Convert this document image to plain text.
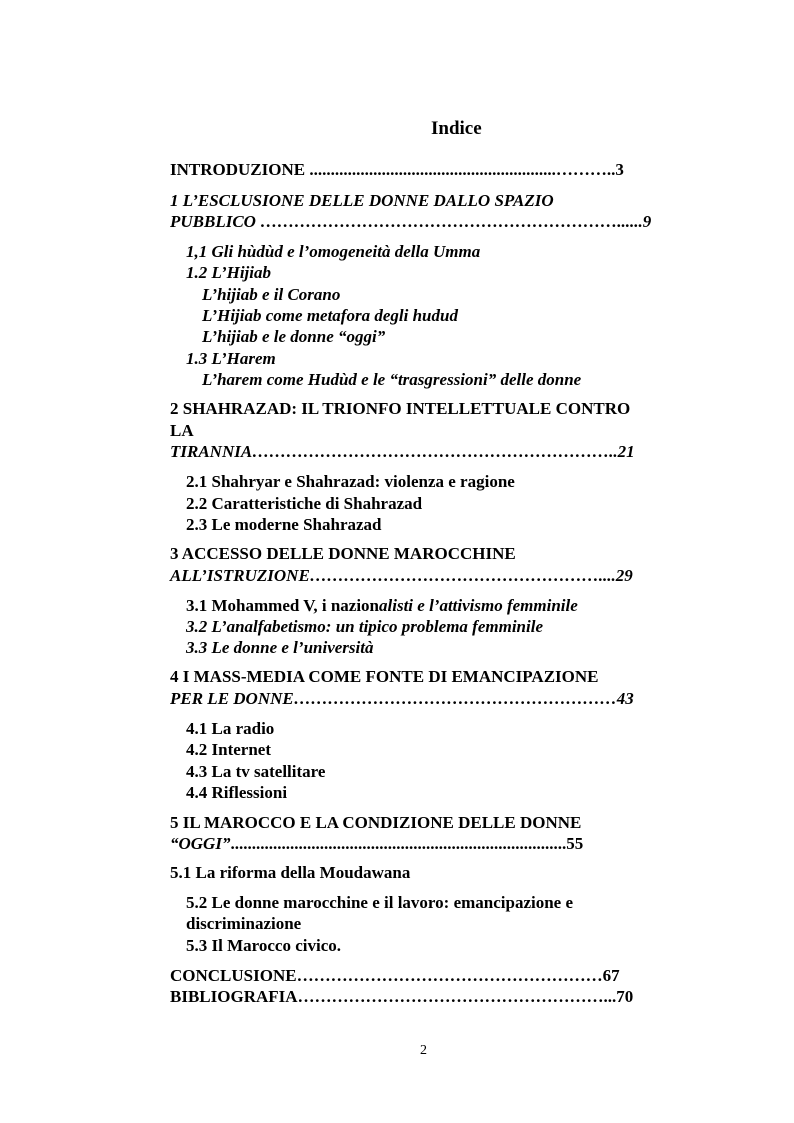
Indice
INTRODUZIONE ..........................................................………..3
1 L’ESCLUSIONE DELLE DONNE DALLO SPAZIO
PUBBLICO ………………………………………………………......9
1,1 Gli hùdùd e l’omogeneità della Umma
1.2 L’Hijiab
L’hijiab e il Corano
L’Hijiab come metafora degli hudud
L’hijiab e le donne “oggi”
1.3 L’Harem
L’harem come Hudùd e le “trasgressioni” delle donne
2 SHAHRAZAD: IL TRIONFO INTELLETTUALE CONTRO
LA
TIRANNIA………………………………………………………..21
2.1 Shahryar e Shahrazad: violenza e ragione
2.2 Caratteristiche di Shahrazad
2.3 Le moderne Shahrazad
3 ACCESSO DELLE DONNE MAROCCHINE
ALL’ISTRUZIONE……………………………………………....29
3.1 Mohammed V, i nazionalisti e l’attivismo femminile
3.2 L’analfabetismo: un tipico problema femminile
3.3 Le donne e l’università
4 I MASS-MEDIA COME FONTE DI EMANCIPAZIONE
PER LE DONNE…………………………………………………43
4.1 La radio
4.2 Internet
4.3 La tv satellitare
4.4 Riflessioni
5 IL MAROCCO E LA CONDIZIONE DELLE DONNE
“OGGI”...............................................................................55
5.1 La riforma della Moudawana
5.2 Le donne marocchine e il lavoro: emancipazione e
discriminazione
5.3 Il Marocco civico.
CONCLUSIONE………………………………………………67
BIBLIOGRAFIA………………………………………………...70
2
